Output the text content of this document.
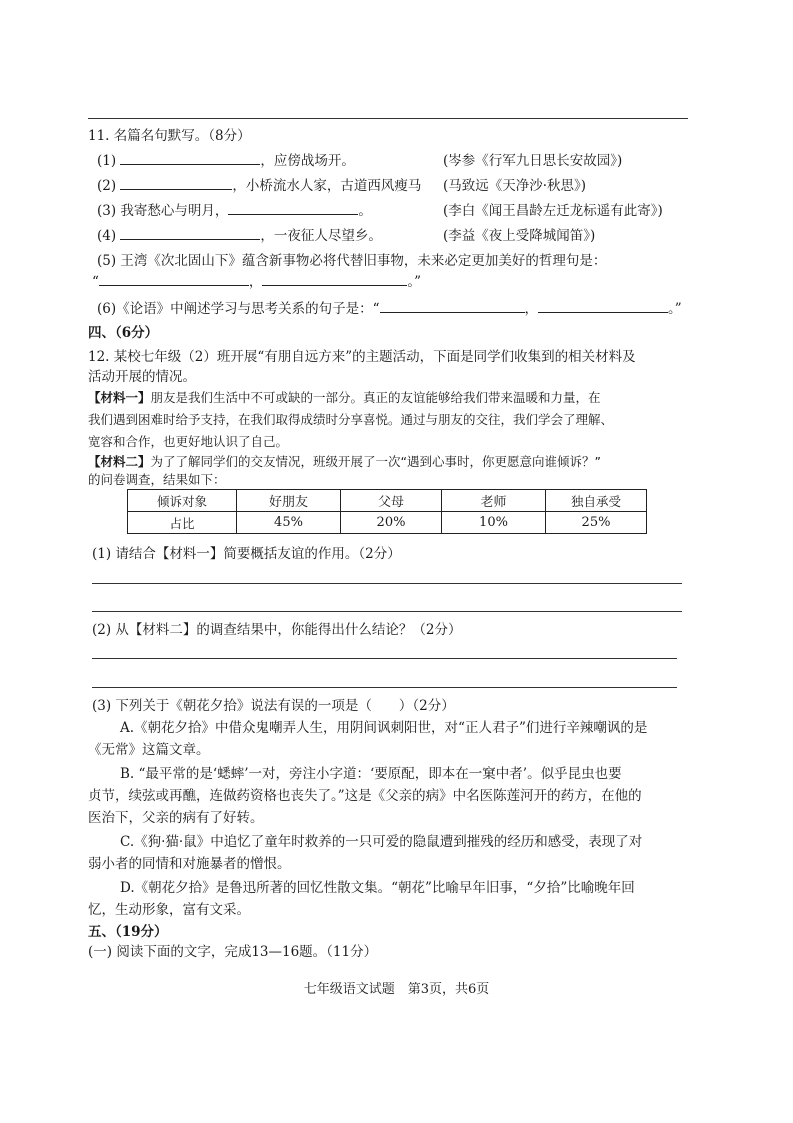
11. 名篇名句默写。（8分）
(1)	，应傍战场开。	(岑参《行军九日思长安故园》)
(2)	，小桥流水人家，古道西风瘦马 (马致远《天净沙·秋思》)
(3) 我寄愁心与明月，	。	(李白《闻王昌龄左迁龙标遥有此寄》)
(4)	，一夜征人尽望乡。	(李益《夜上受降城闻笛》)
(5) 王湾《次北固山下》蕴含新事物必将代替旧事物，未来必定更加美好的哲理句是：
“	，	。”
(6)《论语》中阐述学习与思考关系的句子是：“	，	。”
四、（6分）
12. 某校七年级（2）班开展“有朋自远方来”的主题活动，下面是同学们收集到的相关材料及
活动开展的情况。
【材料一】朋友是我们生活中不可或缺的一部分。真正的友谊能够给我们带来温暖和力量，在
我们遇到困难时给予支持，在我们取得成绩时分享喜悦。通过与朋友的交往，我们学会了理解、
宽容和合作，也更好地认识了自己。
【材料二】为了了解同学们的交友情况，班级开展了一次“遇到心事时，你更愿意向谁倾诉？”
的问卷调查，结果如下：
倾诉对象	好朋友	父母	老师	独自承受
占比	45%	20%	10%	25%
(1) 请结合【材料一】简要概括友谊的作用。（2分）
(2) 从【材料二】的调查结果中，你能得出什么结论？（2分）
(3) 下列关于《朝花夕拾》说法有误的一项是（　　）（2分）
A.《朝花夕拾》中借众鬼嘲弄人生，用阴间讽刺阳世，对“正人君子”们进行辛辣嘲讽的是
《无常》这篇文章。
B. “最平常的是‘蟋蟀’一对，旁注小字道：‘要原配，即本在一窠中者’。似乎昆虫也要
贞节，续弦或再醮，连做药资格也丧失了。”这是《父亲的病》中名医陈莲河开的药方，在他的
医治下，父亲的病有了好转。
C.《狗·猫·鼠》中追忆了童年时救养的一只可爱的隐鼠遭到摧残的经历和感受，表现了对
弱小者的同情和对施暴者的憎恨。
D.《朝花夕拾》是鲁迅所著的回忆性散文集。“朝花”比喻早年旧事，“夕拾”比喻晚年回
忆，生动形象，富有文采。
五、（19分）
(一) 阅读下面的文字，完成13—16题。（11分）
七年级语文试题　第3页，共6页
